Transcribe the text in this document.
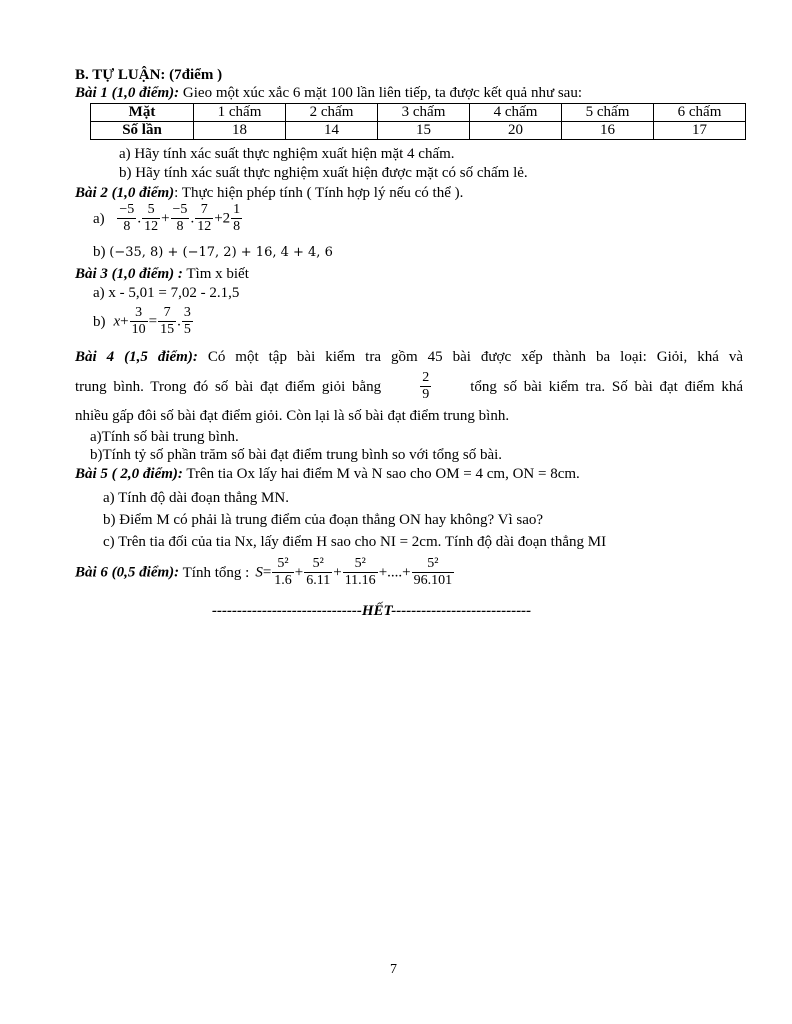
B. TỰ LUẬN: (7điểm )
Bài 1 (1,0 điểm): Gieo một xúc xắc 6 mặt 100 lần liên tiếp, ta được kết quả như sau:
Mặt	1 chấm	2 chấm	3 chấm	4 chấm	5 chấm	6 chấm
Số lần	18	14	15	20	16	17
a) Hãy tính xác suất thực nghiệm xuất hiện mặt 4 chấm.
b) Hãy tính xác suất thực nghiệm xuất hiện được mặt có số chấm lẻ.
Bài 2 (1,0 điểm): Thực hiện phép tính ( Tính hợp lý nếu có thể ).
$a) \frac{-5}{8}$ . $\frac{5}{12} + \frac{-5}{8}$ . $\frac{7}{12} +2 \frac{1}{8}$
b) (−35, 8) + (−17, 2) + 16, 4 + 4, 6
Bài 3 (1,0 điểm) : Tìm x biết
a) x - 5,01 = 7,02 - 2.1,5
b) $x+ \frac{3}{10} = \frac{7}{15}$ . $\frac{3}{5}$
Bài 4 (1,5 điểm): Có một tập bài kiểm tra gồm 45 bài được xếp thành ba loại: Giỏi, khá và
trung bình. Trong đó số bài đạt điểm giỏi bằng	$\frac{2}{9}$	tổng số bài kiểm tra. Số bài đạt điểm khá
nhiều gấp đôi số bài đạt điểm giỏi. Còn lại là số bài đạt điểm trung bình.
a)Tính số bài trung bình.
b)Tính tỷ số phần trăm số bài đạt điểm trung bình so với tổng số bài.
Bài 5 ( 2,0 điểm): Trên tia Ox lấy hai điểm M và N sao cho OM = 4 cm, ON = 8cm.
a) Tính độ dài đoạn thẳng MN.
b) Điểm M có phải là trung điểm của đoạn thẳng ON hay không? Vì sao?
c) Trên tia đối của tia Nx, lấy điểm H sao cho NI = 2cm. Tính độ dài đoạn thẳng MI
Bài 6 (0,5 điểm): Tính tổng : $S= \frac{\text{5²}}{1.6} + \frac{\text{5²}}{6.11} + \frac{\text{5²}}{11.16}$ +....+ $\frac{\text{5²}}{96.101}$
------------------------------HẾT----------------------------
7
